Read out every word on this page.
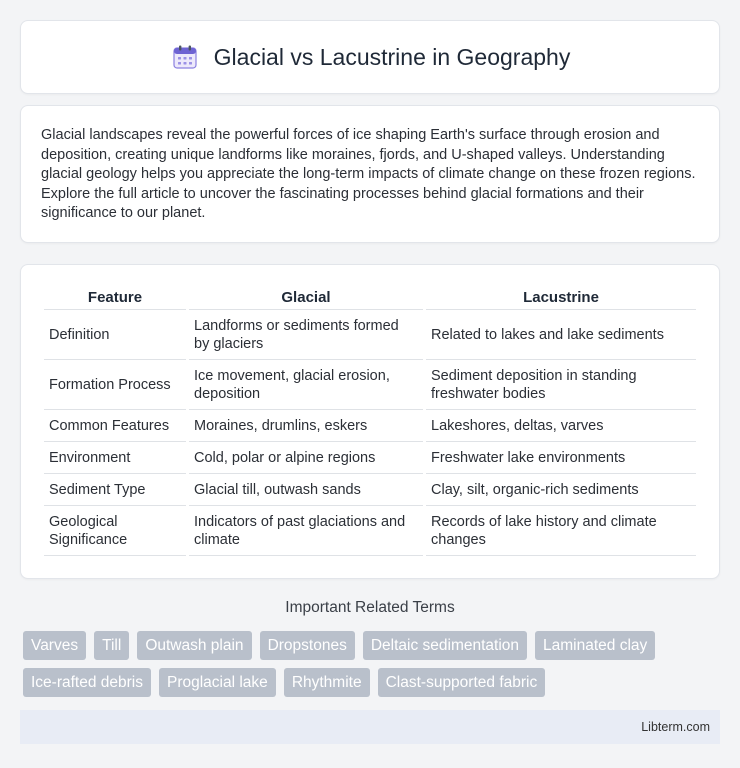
Glacial vs Lacustrine in Geography

Glacial landscapes reveal the powerful forces of ice shaping Earth's surface through erosion and deposition, creating unique landforms like moraines, fjords, and U-shaped valleys. Understanding glacial geology helps you appreciate the long-term impacts of climate change on these frozen regions. Explore the full article to uncover the fascinating processes behind glacial formations and their significance to our planet.

Feature	Glacial	Lacustrine
Definition	Landforms or sediments formed by glaciers	Related to lakes and lake sediments
Formation Process	Ice movement, glacial erosion, deposition	Sediment deposition in standing freshwater bodies
Common Features	Moraines, drumlins, eskers	Lakeshores, deltas, varves
Environment	Cold, polar or alpine regions	Freshwater lake environments
Sediment Type	Glacial till, outwash sands	Clay, silt, organic-rich sediments
Geological Significance	Indicators of past glaciations and climate	Records of lake history and climate changes
Important Related Terms
Varves	Till	Outwash plain	Dropstones	Deltaic sedimentation	Laminated clay
Ice-rafted debris	Proglacial lake	Rhythmite	Clast-supported fabric
Libterm.com
